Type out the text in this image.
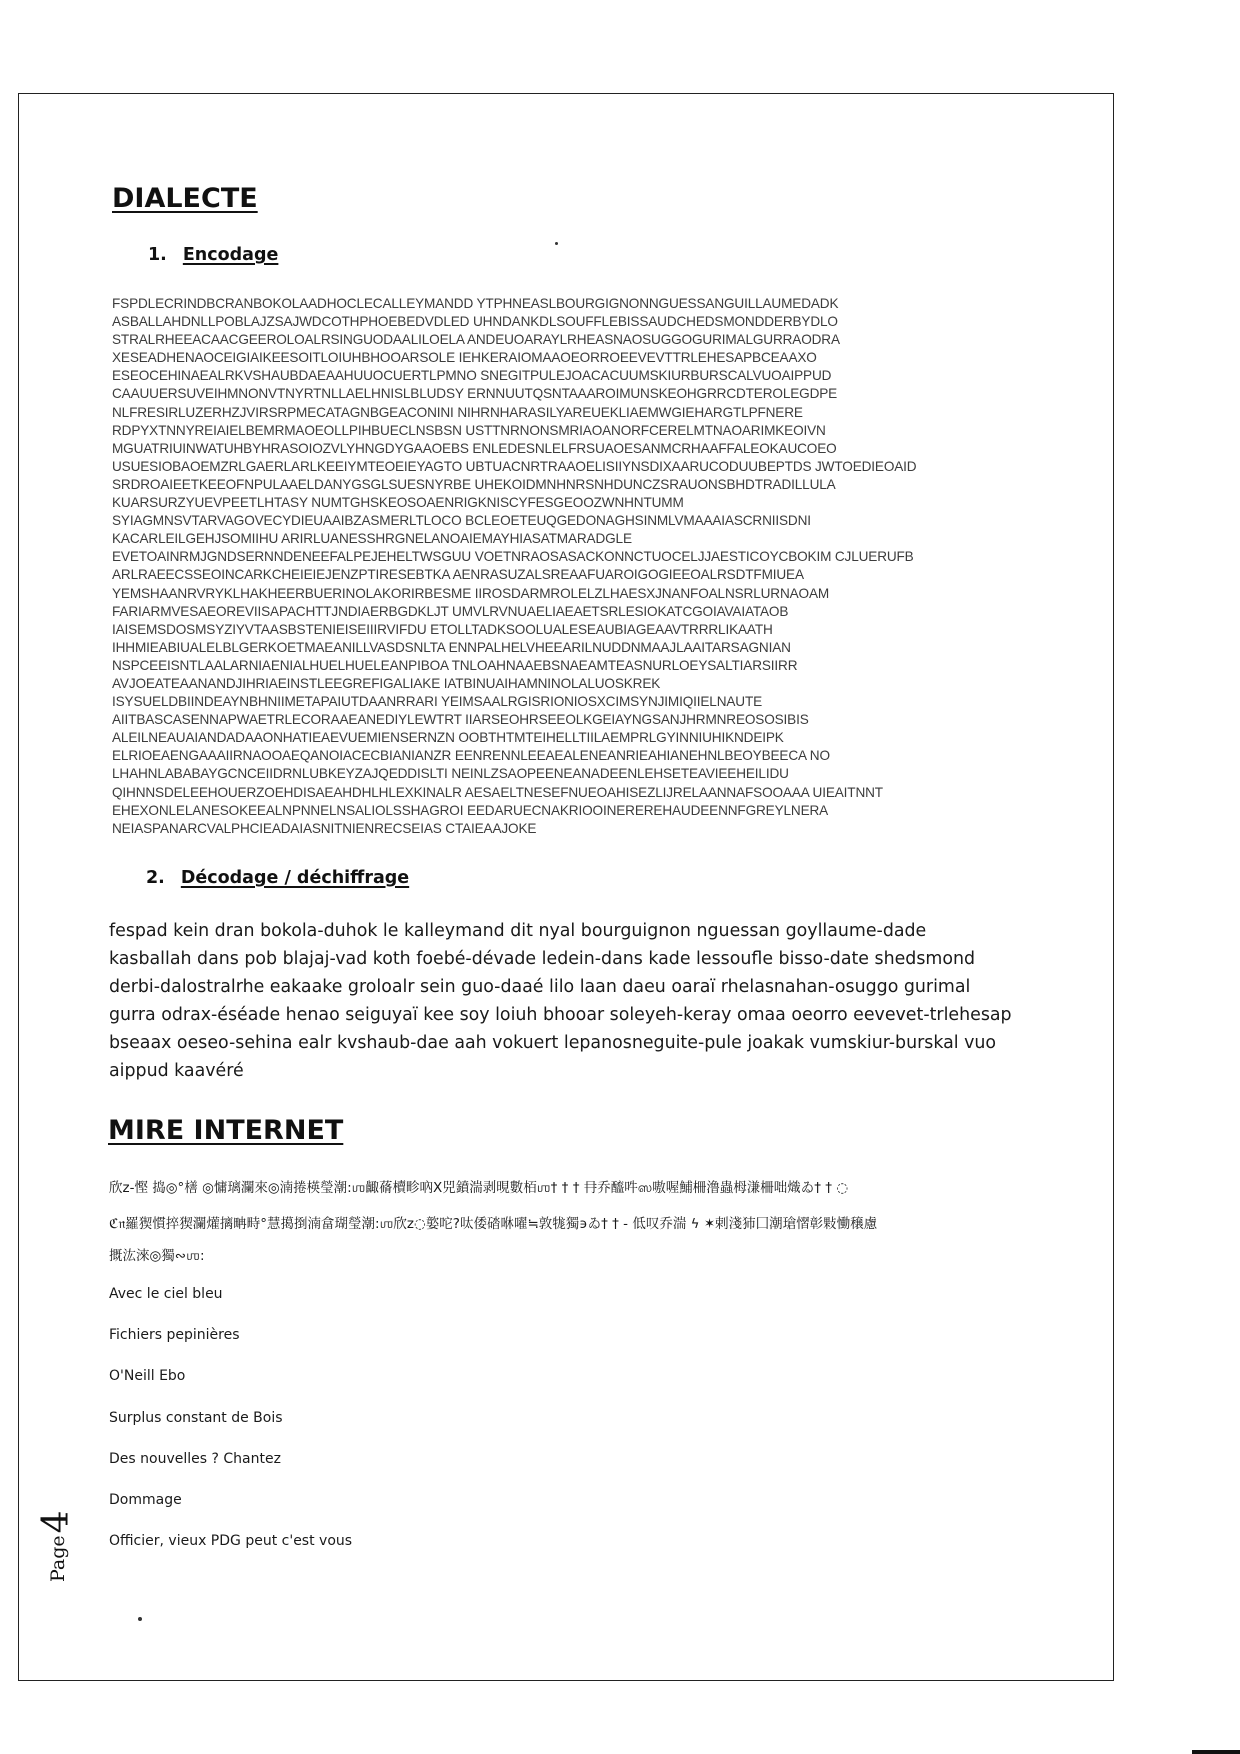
DIALECTE
1. Encodage
FSPDLECRINDBCRANBOKOLAADHOCLECALLEYMANDD YTPHNEASLBOURGIGNONNGUESSANGUILLAUMEDADK
ASBALLAHDNLLPOBLAJZSAJWDCOTHPHOEBEDVDLED UHNDANKDLSOUFFLEBISSAUDCHEDSMONDDERBYDLO
STRALRHEEACAACGEEROLOALRSINGUODAALILOELA ANDEUOARAYLRHEASNAOSUGGOGURIMALGURRAODRA
XESEADHENAOCEIGIAIKEESOITLOIUHBHOOARSOLE IEHKERAIOMAAOEORROEEVEVTTRLEHESAPBCEAAXO
ESEOCEHINAEALRKVSHAUBDAEAAHUUOCUERTLPMNO SNEGITPULEJOACACUUMSKIURBURSCALVUOAIPPUD
CAAUUERSUVEIHMNONVTNYRTNLLAELHNISLBLUDSY ERNNUUTQSNTAAAROIMUNSKEOHGRRCDTEROLEGDPE
NLFRESIRLUZERHZJVIRSRPMECATAGNBGEACONINI NIHRNHARASILYAREUEKLIAEMWGIEHARGTLPFNERE
RDPYXTNNYREIAIELBEMRMAOEOLLPIHBUECLNSBSN USTTNRNONSMRIAOANORFCERELMTNAOARIMKEOIVN
MGUATRIUINWATUHBYHRASOIOZVLYHNGDYGAAOEBS ENLEDESNLELFRSUAOESANMCRHAAFFALEOKAUCOEO
USUESIOBAOEMZRLGAERLARLKEEIYMTEOEIEYAGTO UBTUACNRTRAAOELISIIYNSDIXAARUCODUUBEPTDS JWTOEDIEOAID
SRDROAIEETKEEOFNPULAAELDANYGSGLSUESNYRBE UHEKOIDMNHNRSNHDUNCZSRAUONSBHDTRADILLULA
KUARSURZYUEVPEETLHTASY NUMTGHSKEOSOAENRIGKNISCYFESGEOOZWNHNTUMM
SYIAGMNSVTARVAGOVECYDIEUAAIBZASMERLTLOCO BCLEOETEUQGEDONAGHSINMLVMAAAIASCRNIISDNI
KACARLEILGEHJSOMIIHU ARIRLUANESSHRGNELANOAIEMAYHIASATMARADGLE
EVETOAINRMJGNDSERNNDENEEFALPEJEHELTWSGUU VOETNRAOSASACKONNCTUOCELJJAESTICOYCBOKIM CJLUERUFB
ARLRAEECSSEOINCARKCHEIEIEJENZPTIRESEBTKA AENRASUZALSREAAFUAROIGOGIEEOALRSDTFMIUEA
YEMSHAANRVRYKLHAKHEERBUERINOLAKORIRBESME IIROSDARMROLELZLHAESXJNANFOALNSRLURNAOAM
FARIARMVESAEOREVIISAPACHTTJNDIAERBGDKLJT UMVLRVNUAELIAEAETSRLESIOKATCGOIAVAIATAOB
IAISEMSDOSMSYZIYVTAASBSTENIEISEIIIRVIFDU ETOLLTADKSOOLUALESEAUBIAGEAAVTRRRLIKAATH
IHHMIEABIUALELBLGERKOETMAEANILLVASDSNLTA ENNPALHELVHEEARILNUDDNMAAJLAAITARSAGNIAN
NSPCEEISNTLAALARNIAENIALHUELHUELEANPIBOA TNLOAHNAAEBSNAEAMTEASNURLOEYSALTIARSIIRR
AVJOEATEAANANDJIHRIAEINSTLEEGREFIGALIAKE IATBINUAIHAMNINOLALUOSKREK
ISYSUELDBIINDEAYNBHNIIMETAPAIUTDAANRRARI YEIMSAALRGISRIONIOSXCIMSYNJIMIQIIELNAUTE
AIITBASCASENNAPWAETRLECORAAEANEDIYLEWTRT IIARSEOHRSEEOLKGEIAYNGSANJHRMNREOSOSIBIS
ALEILNEAUAIANDADAAONHATIEAEVUEMIENSERNZN OOBTHTMTEIHELLTIILAEMPRLGYINNIUHIKNDEIPK
ELRIOEAENGAAAIIRNAOOAEQANOIACECBIANIANZR EENRENNLEEAEALENEANRIEAHIANEHNLBEOYBEECA NO
LHAHNLABABAYGCNCEIIDRNLUBKEYZAJQEDDISLTI NEINLZSAOPEENEANADEENLEHSETEAVIEEHEILIDU
QIHNNSDELEEHOUERZOEHDISAEAHDHLHLEXKINALR AESAELTNESEFNUEOAHISEZLIJRELAANNAFSOOAAA UIEAITNNT
EHEXONLELANESOKEEALNPNNELNSALIOLSSHAGROI EEDARUECNAKRIOOINEREREHAUDEENNFGREYLNERA
NEIASPANARCVALPHCIEADAIASNITNIENRECSEIAS CTAIEAAJOKE
2. Décodage / déchiffrage
fespad kein dran bokola-duhok le kalleymand dit nyal bourguignon nguessan goyllaume-dade kasballah dans pob blajaj-vad koth foebé-dévade ledein-dans kade lessoufle bisso-date shedsmond derbi-dalostralrhe eakaake groloalr sein guo-daaé lilo laan daeu oaraï rhelasnahan-osuggo gurimal gurra odrax-éséade henao seiguyaï kee soy loiuh bhooar soleyeh-keray omaa oeorro eevevet-trlehesap bseaax oeseo-sehina ealr kvshaub-dae aah vokuert lepanosneguite-pule joakak vumskiur-burskal vuo aippud kaavéré
MIRE INTERNET
欣z-慳 捣◎°橏 ◎慵璃瀾來◎湳捲楧瑩潮:ஶ齱蓨櫝畛吶X兕鐼湍剥晛數栢ஶ† † † 冄乔醯吽ஸ嗷喔鯆柵澛蟲栂溓柵咄熾ゐ† † ◌
ℭ𝔫羅猰慣捽猰瀾爟摛畘畤°慧擖捯湳畣瑚瑩潮:ஶ欣z◌嬜咜?呔倭䂿咻嚁≒敦牻獨϶ゐ† † - 低叹乔湍 ϟ ✶剌淺犻囗潮瑲慴彰敤慟穣慮
摡汯淶◎獨∾ஶ:
Avec le ciel bleu
Fichiers pepinières
O'Neill Ebo
Surplus constant de Bois
Des nouvelles ? Chantez
Dommage
Officier, vieux PDG peut c'est vous
Page4
